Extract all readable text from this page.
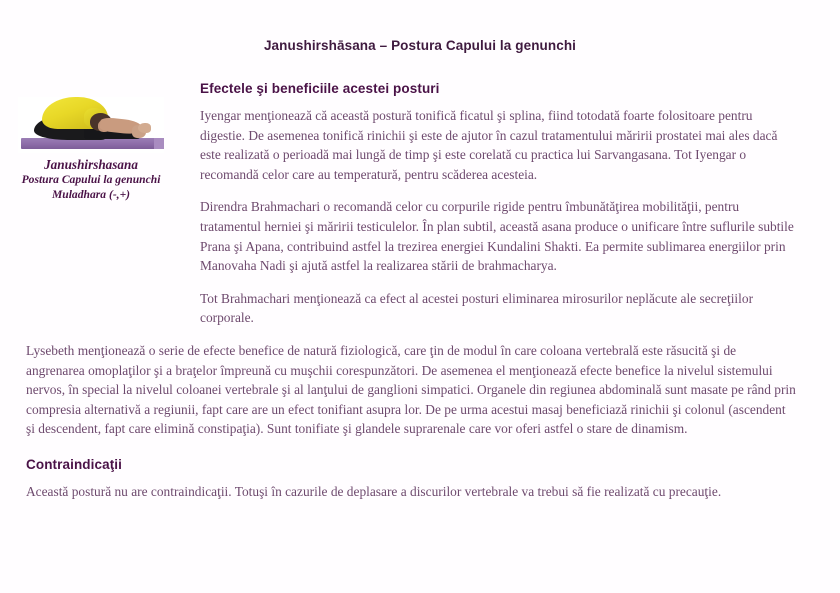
Janushirshāsana – Postura Capului la genunchi
Janushirshasana
Postura Capului la genunchi
Muladhara (-,+)
Efectele şi beneficiile acestei posturi

Iyengar menţionează că această postură tonifică ficatul şi splina, fiind totodată foarte folositoare pentru digestie. De asemenea tonifică rinichii şi este de ajutor în cazul tratamentului măririi prostatei mai ales dacă este realizată o perioadă mai lungă de timp şi este corelată cu practica lui Sarvangasana. Tot Iyengar o recomandă celor care au temperatură, pentru scăderea acesteia.

Direndra Brahmachari o recomandă celor cu corpurile rigide pentru îmbunătăţirea mobilităţii, pentru tratamentul herniei şi măririi testiculelor. În plan subtil, această asana produce o unificare între suflurile subtile Prana şi Apana, contribuind astfel la trezirea energiei Kundalini Shakti. Ea permite sublimarea energiilor prin Manovaha Nadi şi ajută astfel la realizarea stării de brahmacharya.

Tot Brahmachari menţionează ca efect al acestei posturi eliminarea mirosurilor neplăcute ale secreţiilor corporale.

Lysebeth menţionează o serie de efecte benefice de natură fiziologică, care ţin de modul în care coloana vertebrală este răsucită şi de angrenarea omoplaţilor şi a braţelor împreună cu muşchii corespunzători. De asemenea el menţionează efecte benefice la nivelul sistemului nervos, în special la nivelul coloanei vertebrale şi al lanţului de ganglioni simpatici. Organele din regiunea abdominală sunt masate pe rând prin compresia alternativă a regiunii, fapt care are un efect tonifiant asupra lor. De pe urma acestui masaj beneficiază rinichii şi colonul (ascendent şi descendent, fapt care elimină constipaţia). Sunt tonifiate şi glandele suprarenale care vor oferi astfel o stare de dinamism.

Contraindicaţii

Această postură nu are contraindicaţii. Totuşi în cazurile de deplasare a discurilor vertebrale va trebui să fie realizată cu precauţie.
